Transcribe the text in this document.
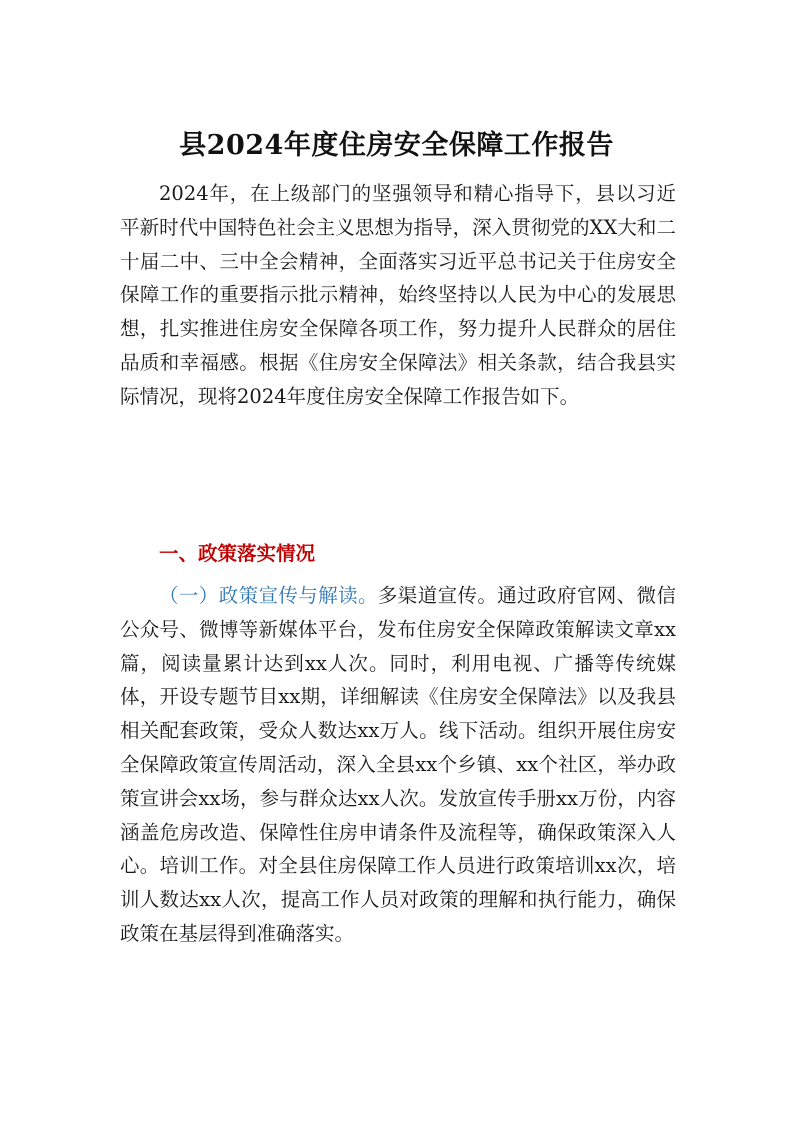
县2024年度住房安全保障工作报告

2024年，在上级部门的坚强领导和精心指导下，县以习近平新时代中国特色社会主义思想为指导，深入贯彻党的XX大和二十届二中、三中全会精神，全面落实习近平总书记关于住房安全保障工作的重要指示批示精神，始终坚持以人民为中心的发展思想，扎实推进住房安全保障各项工作，努力提升人民群众的居住品质和幸福感。根据《住房安全保障法》相关条款，结合我县实际情况，现将2024年度住房安全保障工作报告如下。

一、政策落实情况

（一）政策宣传与解读。多渠道宣传。通过政府官网、微信公众号、微博等新媒体平台，发布住房安全保障政策解读文章xx篇，阅读量累计达到xx人次。同时，利用电视、广播等传统媒体，开设专题节目xx期，详细解读《住房安全保障法》以及我县相关配套政策，受众人数达xx万人。线下活动。组织开展住房安全保障政策宣传周活动，深入全县xx个乡镇、xx个社区，举办政策宣讲会xx场，参与群众达xx人次。发放宣传手册xx万份，内容涵盖危房改造、保障性住房申请条件及流程等，确保政策深入人心。培训工作。对全县住房保障工作人员进行政策培训xx次，培训人数达xx人次，提高工作人员对政策的理解和执行能力，确保政策在基层得到准确落实。
